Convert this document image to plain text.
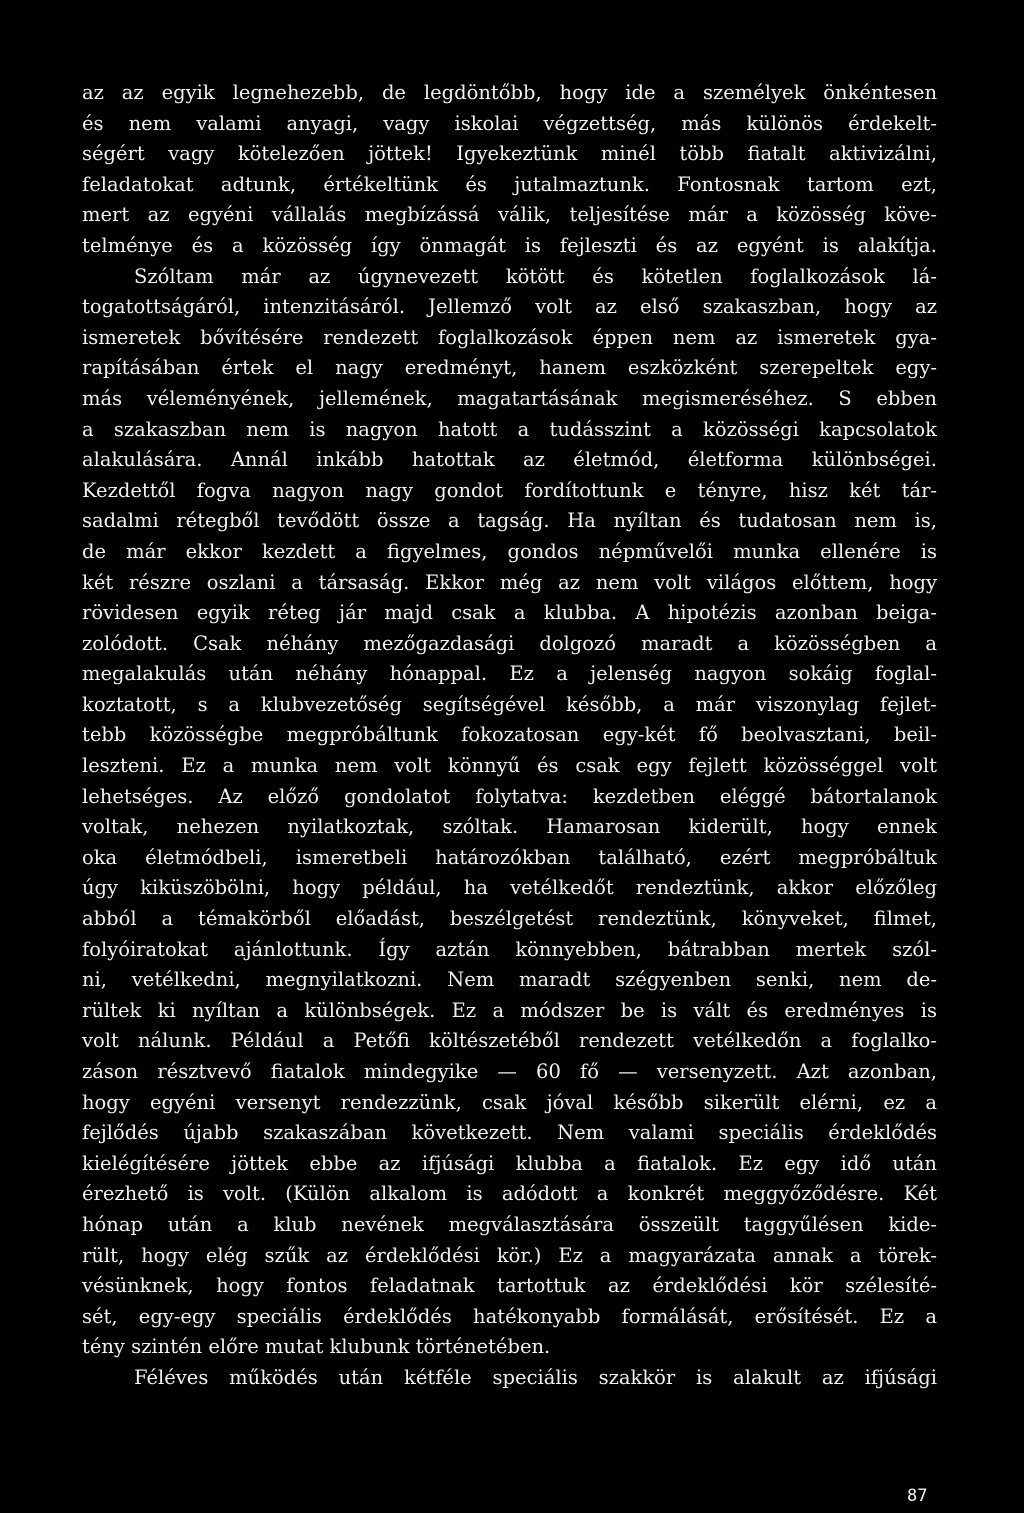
az az egyik legnehezebb, de legdöntőbb, hogy ide a személyek önkéntesen
és nem valami anyagi, vagy iskolai végzettség, más különös érdekelt-
ségért vagy kötelezően jöttek! Igyekeztünk minél több fiatalt aktivizálni,
feladatokat adtunk, értékeltünk és jutalmaztunk. Fontosnak tartom ezt,
mert az egyéni vállalás megbízássá válik, teljesítése már a közösség köve-
telménye és a közösség így önmagát is fejleszti és az egyént is alakítja.
Szóltam már az úgynevezett kötött és kötetlen foglalkozások lá-
togatottságáról, intenzitásáról. Jellemző volt az első szakaszban, hogy az
ismeretek bővítésére rendezett foglalkozások éppen nem az ismeretek gya-
rapításában értek el nagy eredményt, hanem eszközként szerepeltek egy-
más véleményének, jellemének, magatartásának megismeréséhez. S ebben
a szakaszban nem is nagyon hatott a tudásszint a közösségi kapcsolatok
alakulására. Annál inkább hatottak az életmód, életforma különbségei.
Kezdettől fogva nagyon nagy gondot fordítottunk e tényre, hisz két tár-
sadalmi rétegből tevődött össze a tagság. Ha nyíltan és tudatosan nem is,
de már ekkor kezdett a figyelmes, gondos népművelői munka ellenére is
két részre oszlani a társaság. Ekkor még az nem volt világos előttem, hogy
rövidesen egyik réteg jár majd csak a klubba. A hipotézis azonban beiga-
zolódott. Csak néhány mezőgazdasági dolgozó maradt a közösségben a
megalakulás után néhány hónappal. Ez a jelenség nagyon sokáig foglal-
koztatott, s a klubvezetőség segítségével később, a már viszonylag fejlet-
tebb közösségbe megpróbáltunk fokozatosan egy-két fő beolvasztani, beil-
leszteni. Ez a munka nem volt könnyű és csak egy fejlett közösséggel volt
lehetséges. Az előző gondolatot folytatva: kezdetben eléggé bátortalanok
voltak, nehezen nyilatkoztak, szóltak. Hamarosan kiderült, hogy ennek
oka életmódbeli, ismeretbeli határozókban található, ezért megpróbáltuk
úgy kiküszöbölni, hogy például, ha vetélkedőt rendeztünk, akkor előzőleg
abból a témakörből előadást, beszélgetést rendeztünk, könyveket, filmet,
folyóiratokat ajánlottunk. Így aztán könnyebben, bátrabban mertek szól-
ni, vetélkedni, megnyilatkozni. Nem maradt szégyenben senki, nem de-
rültek ki nyíltan a különbségek. Ez a módszer be is vált és eredményes is
volt nálunk. Például a Petőfi költészetéből rendezett vetélkedőn a foglalko-
záson résztvevő fiatalok mindegyike — 60 fő — versenyzett. Azt azonban,
hogy egyéni versenyt rendezzünk, csak jóval később sikerült elérni, ez a
fejlődés újabb szakaszában következett. Nem valami speciális érdeklődés
kielégítésére jöttek ebbe az ifjúsági klubba a fiatalok. Ez egy idő után
érezhető is volt. (Külön alkalom is adódott a konkrét meggyőződésre. Két
hónap után a klub nevének megválasztására összeült taggyűlésen kide-
rült, hogy elég szűk az érdeklődési kör.) Ez a magyarázata annak a törek-
vésünknek, hogy fontos feladatnak tartottuk az érdeklődési kör szélesíté-
sét, egy-egy speciális érdeklődés hatékonyabb formálását, erősítését. Ez a
tény szintén előre mutat klubunk történetében.
Féléves működés után kétféle speciális szakkör is alakult az ifjúsági
87
